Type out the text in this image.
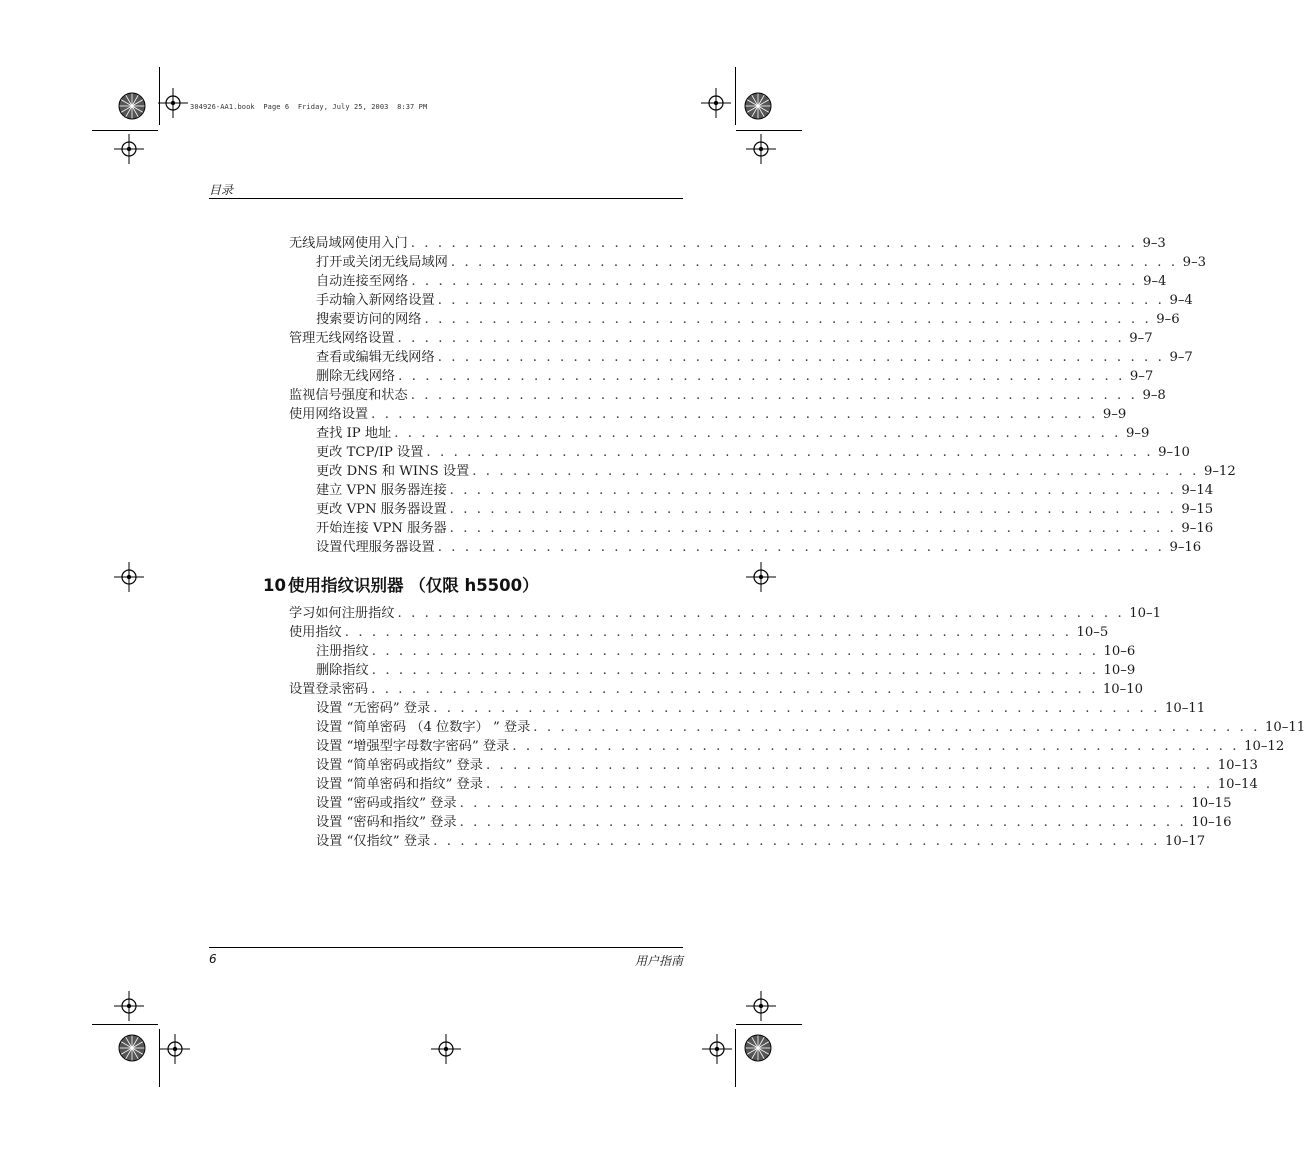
304926-AA1.book  Page 6  Friday, July 25, 2003  8:37 PM
目录
无线局域网使用入门 . . . . . . . . . . . . . . . . . . . . . . . . . . . . . . . . . . . . . . . . . . . . . . . . . . . . . . 9–3
打开或关闭无线局域网 . . . . . . . . . . . . . . . . . . . . . . . . . . . . . . . . . . . . . . . . . . . . . . . . . . . . . . 9–3
自动连接至网络 . . . . . . . . . . . . . . . . . . . . . . . . . . . . . . . . . . . . . . . . . . . . . . . . . . . . . . 9–4
手动输入新网络设置 . . . . . . . . . . . . . . . . . . . . . . . . . . . . . . . . . . . . . . . . . . . . . . . . . . . . . . 9–4
搜索要访问的网络 . . . . . . . . . . . . . . . . . . . . . . . . . . . . . . . . . . . . . . . . . . . . . . . . . . . . . . 9–6
管理无线网络设置 . . . . . . . . . . . . . . . . . . . . . . . . . . . . . . . . . . . . . . . . . . . . . . . . . . . . . . 9–7
查看或编辑无线网络 . . . . . . . . . . . . . . . . . . . . . . . . . . . . . . . . . . . . . . . . . . . . . . . . . . . . . . 9–7
删除无线网络 . . . . . . . . . . . . . . . . . . . . . . . . . . . . . . . . . . . . . . . . . . . . . . . . . . . . . . 9–7
监视信号强度和状态 . . . . . . . . . . . . . . . . . . . . . . . . . . . . . . . . . . . . . . . . . . . . . . . . . . . . . . 9–8
使用网络设置 . . . . . . . . . . . . . . . . . . . . . . . . . . . . . . . . . . . . . . . . . . . . . . . . . . . . . . 9–9
查找 IP 地址 . . . . . . . . . . . . . . . . . . . . . . . . . . . . . . . . . . . . . . . . . . . . . . . . . . . . . . 9–9
更改 TCP/IP 设置 . . . . . . . . . . . . . . . . . . . . . . . . . . . . . . . . . . . . . . . . . . . . . . . . . . . . . . 9–10
更改 DNS 和 WINS 设置 . . . . . . . . . . . . . . . . . . . . . . . . . . . . . . . . . . . . . . . . . . . . . . . . . . . . . . 9–12
建立 VPN 服务器连接 . . . . . . . . . . . . . . . . . . . . . . . . . . . . . . . . . . . . . . . . . . . . . . . . . . . . . . 9–14
更改 VPN 服务器设置 . . . . . . . . . . . . . . . . . . . . . . . . . . . . . . . . . . . . . . . . . . . . . . . . . . . . . . 9–15
开始连接 VPN 服务器 . . . . . . . . . . . . . . . . . . . . . . . . . . . . . . . . . . . . . . . . . . . . . . . . . . . . . . 9–16
设置代理服务器设置 . . . . . . . . . . . . . . . . . . . . . . . . . . . . . . . . . . . . . . . . . . . . . . . . . . . . . . 9–16
10 使用指纹识别器 （仅限 h5500）
学习如何注册指纹 . . . . . . . . . . . . . . . . . . . . . . . . . . . . . . . . . . . . . . . . . . . . . . . . . . . . . . 10–1
使用指纹 . . . . . . . . . . . . . . . . . . . . . . . . . . . . . . . . . . . . . . . . . . . . . . . . . . . . . . 10–5
注册指纹 . . . . . . . . . . . . . . . . . . . . . . . . . . . . . . . . . . . . . . . . . . . . . . . . . . . . . . 10–6
删除指纹 . . . . . . . . . . . . . . . . . . . . . . . . . . . . . . . . . . . . . . . . . . . . . . . . . . . . . . 10–9
设置登录密码 . . . . . . . . . . . . . . . . . . . . . . . . . . . . . . . . . . . . . . . . . . . . . . . . . . . . . . 10–10
设置 “无密码” 登录 . . . . . . . . . . . . . . . . . . . . . . . . . . . . . . . . . . . . . . . . . . . . . . . . . . . . . . 10–11
设置 “简单密码 （4 位数字） ” 登录 . . . . . . . . . . . . . . . . . . . . . . . . . . . . . . . . . . . . . . . . . . . . . . . . . . . . . . 10–11
设置 “增强型字母数字密码” 登录 . . . . . . . . . . . . . . . . . . . . . . . . . . . . . . . . . . . . . . . . . . . . . . . . . . . . . . 10–12
设置 “简单密码或指纹” 登录 . . . . . . . . . . . . . . . . . . . . . . . . . . . . . . . . . . . . . . . . . . . . . . . . . . . . . . 10–13
设置 “简单密码和指纹” 登录 . . . . . . . . . . . . . . . . . . . . . . . . . . . . . . . . . . . . . . . . . . . . . . . . . . . . . . 10–14
设置 “密码或指纹” 登录 . . . . . . . . . . . . . . . . . . . . . . . . . . . . . . . . . . . . . . . . . . . . . . . . . . . . . . 10–15
设置 “密码和指纹” 登录 . . . . . . . . . . . . . . . . . . . . . . . . . . . . . . . . . . . . . . . . . . . . . . . . . . . . . . 10–16
设置 “仅指纹” 登录 . . . . . . . . . . . . . . . . . . . . . . . . . . . . . . . . . . . . . . . . . . . . . . . . . . . . . . 10–17
6	用户指南
